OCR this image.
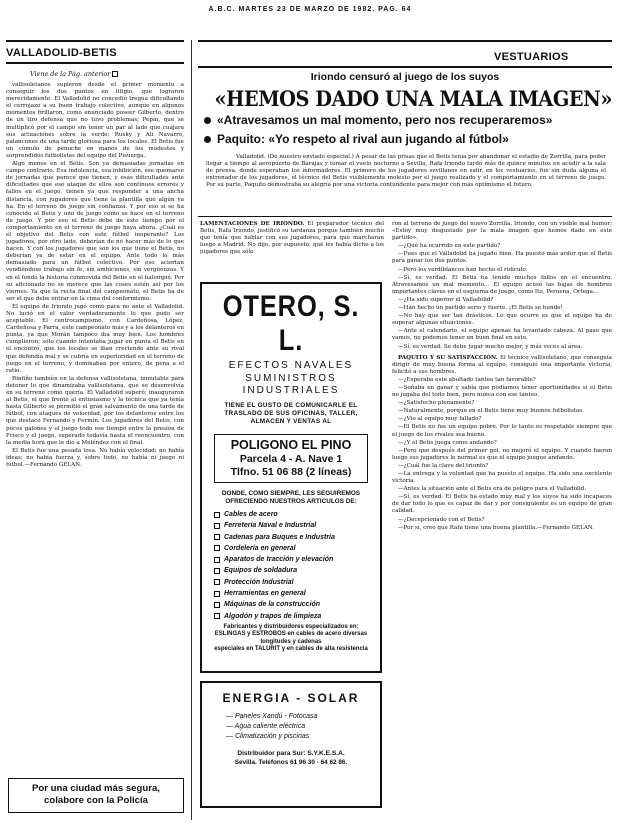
A.B.C. MARTES 23 DE MARZO DE 1982. PAG. 64
VALLADOLID-BETIS
Viene de la Pág. anterior

vallisoletanos supieron desde el primer momento a conseguir los dos puntos en litigio, que lograron merecidamente. El Valladolid no concedió tregua dificultando el cerrojazo a su buen trabajo colectivo, aunque en algunos momentos brillaron, como enunciado poseer Gilberto, dentro de un tiro defensa que no tuvo problemas; Pepín, que se multiplicó por el campo sin tener un par al lado que cuajara sus actuaciones sobre la verde; Rusky y Ali Navarro, palancones de una tarde gloriosa para los locales. El Betis fue un cúmulo de penuche en manos de los modestos y sorprendidos futbolistas del equipo del Pisuerga.

Algo menos en el Betis. Son ya demasiadas jornadas en campo contrario. Esa indolencia, esa inhibición, ese quemarse de jornadas que parece que tienen, y esas dificultades ante dificultades que ese ataque de ellos son contínuos errores y fallos en el juego, tienen ya que responder a una ancha distancia, con jugadores que tiene la plantilla que algún ya ha. En el terreno de juego sin confianza. Y por eso si se ha conocido al Betis y uno de juego como se hace en el terreno de juego. Y por eso el Betis debe de este tiempo por el comportamiento en el terreno de juego haya ahora. ¿Cuál es el objetivo del Betis con este fútbol inoperante? Los jugadores, por otro lado, deberían de no hacer más de lo que hacen. Y con los jugadores que son los que tiene el Betis, no deberían ya de estar en el equipo. Ante todo lo más demasiado para un fútbol colectivo. Por eso aciertan vendiéndose trabajo sin fe, sin ambiciones, sin vergüenzas. Y en el fondo la historia conmovida del Betis en el balompié. Por su aficionado no se merece que las coses estén así por los viernes. Ya que la recta final del campeonato, el Betis ha de ser el que debe entrar en la cima del conformismo.

El equipo de Iriondo jugó como para no ante el Valladolid. No lució en el valor verdaderamente lo que pudo ser aceptable. El centrocampismo, con Cardeñosa, López, Cardeñosa y Parra, este campeonato más y a los delanteros en punta, ya que Morán tampoco iba muy bien. Los hombres cumplieron; sólo cuando intentaba jugar en punta el Betis en el encontró, que los locales se iban creciendo ante su rival que defendía mal y se cubría en superioridad en el terreno de juego en el terreno, y dominaban por entero, de pena a el ratio.

Rinfiño también en la defensa vallisoletana, inmutable para detener lo que dinamizaba vallisoletana, que se desenvolvía en su terreno como quería. El Valladolid superó; inauguraron al Betis, el que frente al entusiasmo y la técnica que ya tenía hasta Gilberto se permitió el gran salvamento de una tarde de fútbol, con ataques de velocidad, por los delanteros entre los que destacó Fernando y Fermín. Los jugadores del Betis, con pocos galones y el juego todo ese tiempo entre la presión de Frisco y el juego, superado todavía hasta el reencuentro, con la media hora que le dio a Meléndez con el final.

El Betis fue una pesada losa. No había velocidad; no había ideas; no había fuerza y, sobre todo, no había ni juego ni fútbol.—Fernando GELAN.

Por una ciudad más segura,
colabore con la Policía
VESTUARIOS
Iriondo censuró al juego de los suyos
«HEMOS DADO UNA MALA IMAGEN»
«Atravesamos un mal momento, pero nos recuperaremos»
Paquito: «Yo respeto al rival aun jugando al fútbol»

Valladolid. (De nuestro enviado especial.) A pesar de las prisas que el Betis tenía por abandonar el estadio de Zorrilla, para poder llegar a tiempo al aeropuerto de Barajas y tomar el vuelo nocturno a Sevilla, Rafa Iriondo tardó más de quince minutos en acudir a la sala de prensa, donde esperaban los informadores. El primero de los jugadores sevillanos en salir, en los vestuarios, fue sin duda alguna el entrenador de los jugadores, el técnico del Betis visiblemente molesto por el juego realizado y el comportamiento en el terreno de juego. Por su parte, Paquito demostraba su alegría por una victoria contundente para mejor con más optimismo el futuro.

LAMENTACIONES DE IRIONDO. El preparador técnico del Betis, Rafa Iriondo, justificó su tardanza porque también mucho que tenía que hablar con sus jugadores, para que marcharan luego a Madrid. No dijo, por supuesto, qué les había dicho a los jugadores que sólo

OTERO, S. L.
EFECTOS NAVALES
SUMINISTROS
INDUSTRIALES
TIENE EL GUSTO DE COMUNICARLE EL TRASLADO DE SUS OFICINAS, TALLER, ALMACEN Y VENTAS AL
POLIGONO EL PINO
Parcela 4 - A. Nave 1
Tlfno. 51 06 88 (2 líneas)
DONDE, COMO SIEMPRE, LES SEGUIREMOS OFRECIENDO NUESTROS ARTICULOS DE:
Cables de acero
Ferretería Naval e Industrial
Cadenas para Buques e Industria
Cordelería en general
Aparatos de tracción y elevación
Equipos de soldadura
Protección Industrial
Herramientas en general
Máquinas de la construcción
Algodón y trapos de limpieza
Fabricantes y distribuidores especializados en:
ESLINGAS y ESTROBOS en cables de acero diversas longitudes y cadenas
especiales en TALURIT y en cables de alta resistencia
ENERGIA - SOLAR
— Paneles Xandú - Fotocasa
— Agua caliente eléctrica
— Climatización y piscinas
Distribuidor para Sur: S.Y.K.E.S.A.
Sevilla. Teléfonos 61 96 30 - 64 62 86.

ron al terreno de juego del nuevo Zorrilla. Iriondo, con un visible mal humor: «Estoy muy disgustado por la mala imagen que hemos dado en este partido».

—¿Qué ha ocurrido en este partido?

—Pues que el Valladolid ha jugado bien. Ha puesto más ardor que el Betis para ganar los dos puntos.

—Pero los verdiblancos han hecho el ridículo.

—Sí, es verdad. El Betis ha tenido muchos fallos en el encuentro. Atravesamos un mal momento... El equipo acusó las bajas de hombres importantes claves en el esquema de juego, como Ito, Peruena, Ortega...

—¿Ha sido superior el Valladolid?

—Han hecho un partido serio y fuerte. ¡El Betis se hunde!

—No hay que ser tan drásticos. Lo que ocurre es que el equipo ha de superar algunas situaciones.

—Ante el calendario, el equipo apenas ha levantado cabeza. Al paso que vamos, no podemos tener un buen final en esto.

—Sí, es verdad. Se debe jugar mucho mejor, y más veces al área.

PAQUITO Y SU SATISFACCIÓN. El técnico vallisoletano, que conseguía dirigir de muy buena forma al equipo, consiguió una importante victoria, felicitó a sus hombres.

—¿Esperaba este abultado tanteo tan favorable?

—Soñaba en ganar y sabía que podíamos tener oportunidades si el Betis no jugaba del todo bien, pero nunca con ese tanteo.

—¿Satisfecho plenamente?

—Naturalmente, porque en el Betis tiene muy buenos futbolistas.

—¿Vio al equipo muy fallado?

—El Betis no fue un equipo pobre. Por lo tanto es respetable siempre que el juego de los rivales sea bueno.

—¿Y el Betis juega como andando?

—Pero que después del primer gol, no mejoró el equipo. Y cuando fueron luego sus jugadores lo normal es que el equipo juegue andando.

—¿Cuál fue la clave del triunfo?

—La entrega y la voluntad que ha puesto el equipo. Ha sido una excelente victoria.

—Antes la situación ante el Betis era de peligro para el Valladolid.

—Sí, es verdad. El Betis ha estado muy mal y los suyos ha sido incapaces de dar todo lo que es capaz de dar y por consiguiente es un equipo de gran calidad.

—¿Decepcionado con el Betis?

—Por sí, creo que Rafa tiene una buena plantilla.—Fernando GELAN.
